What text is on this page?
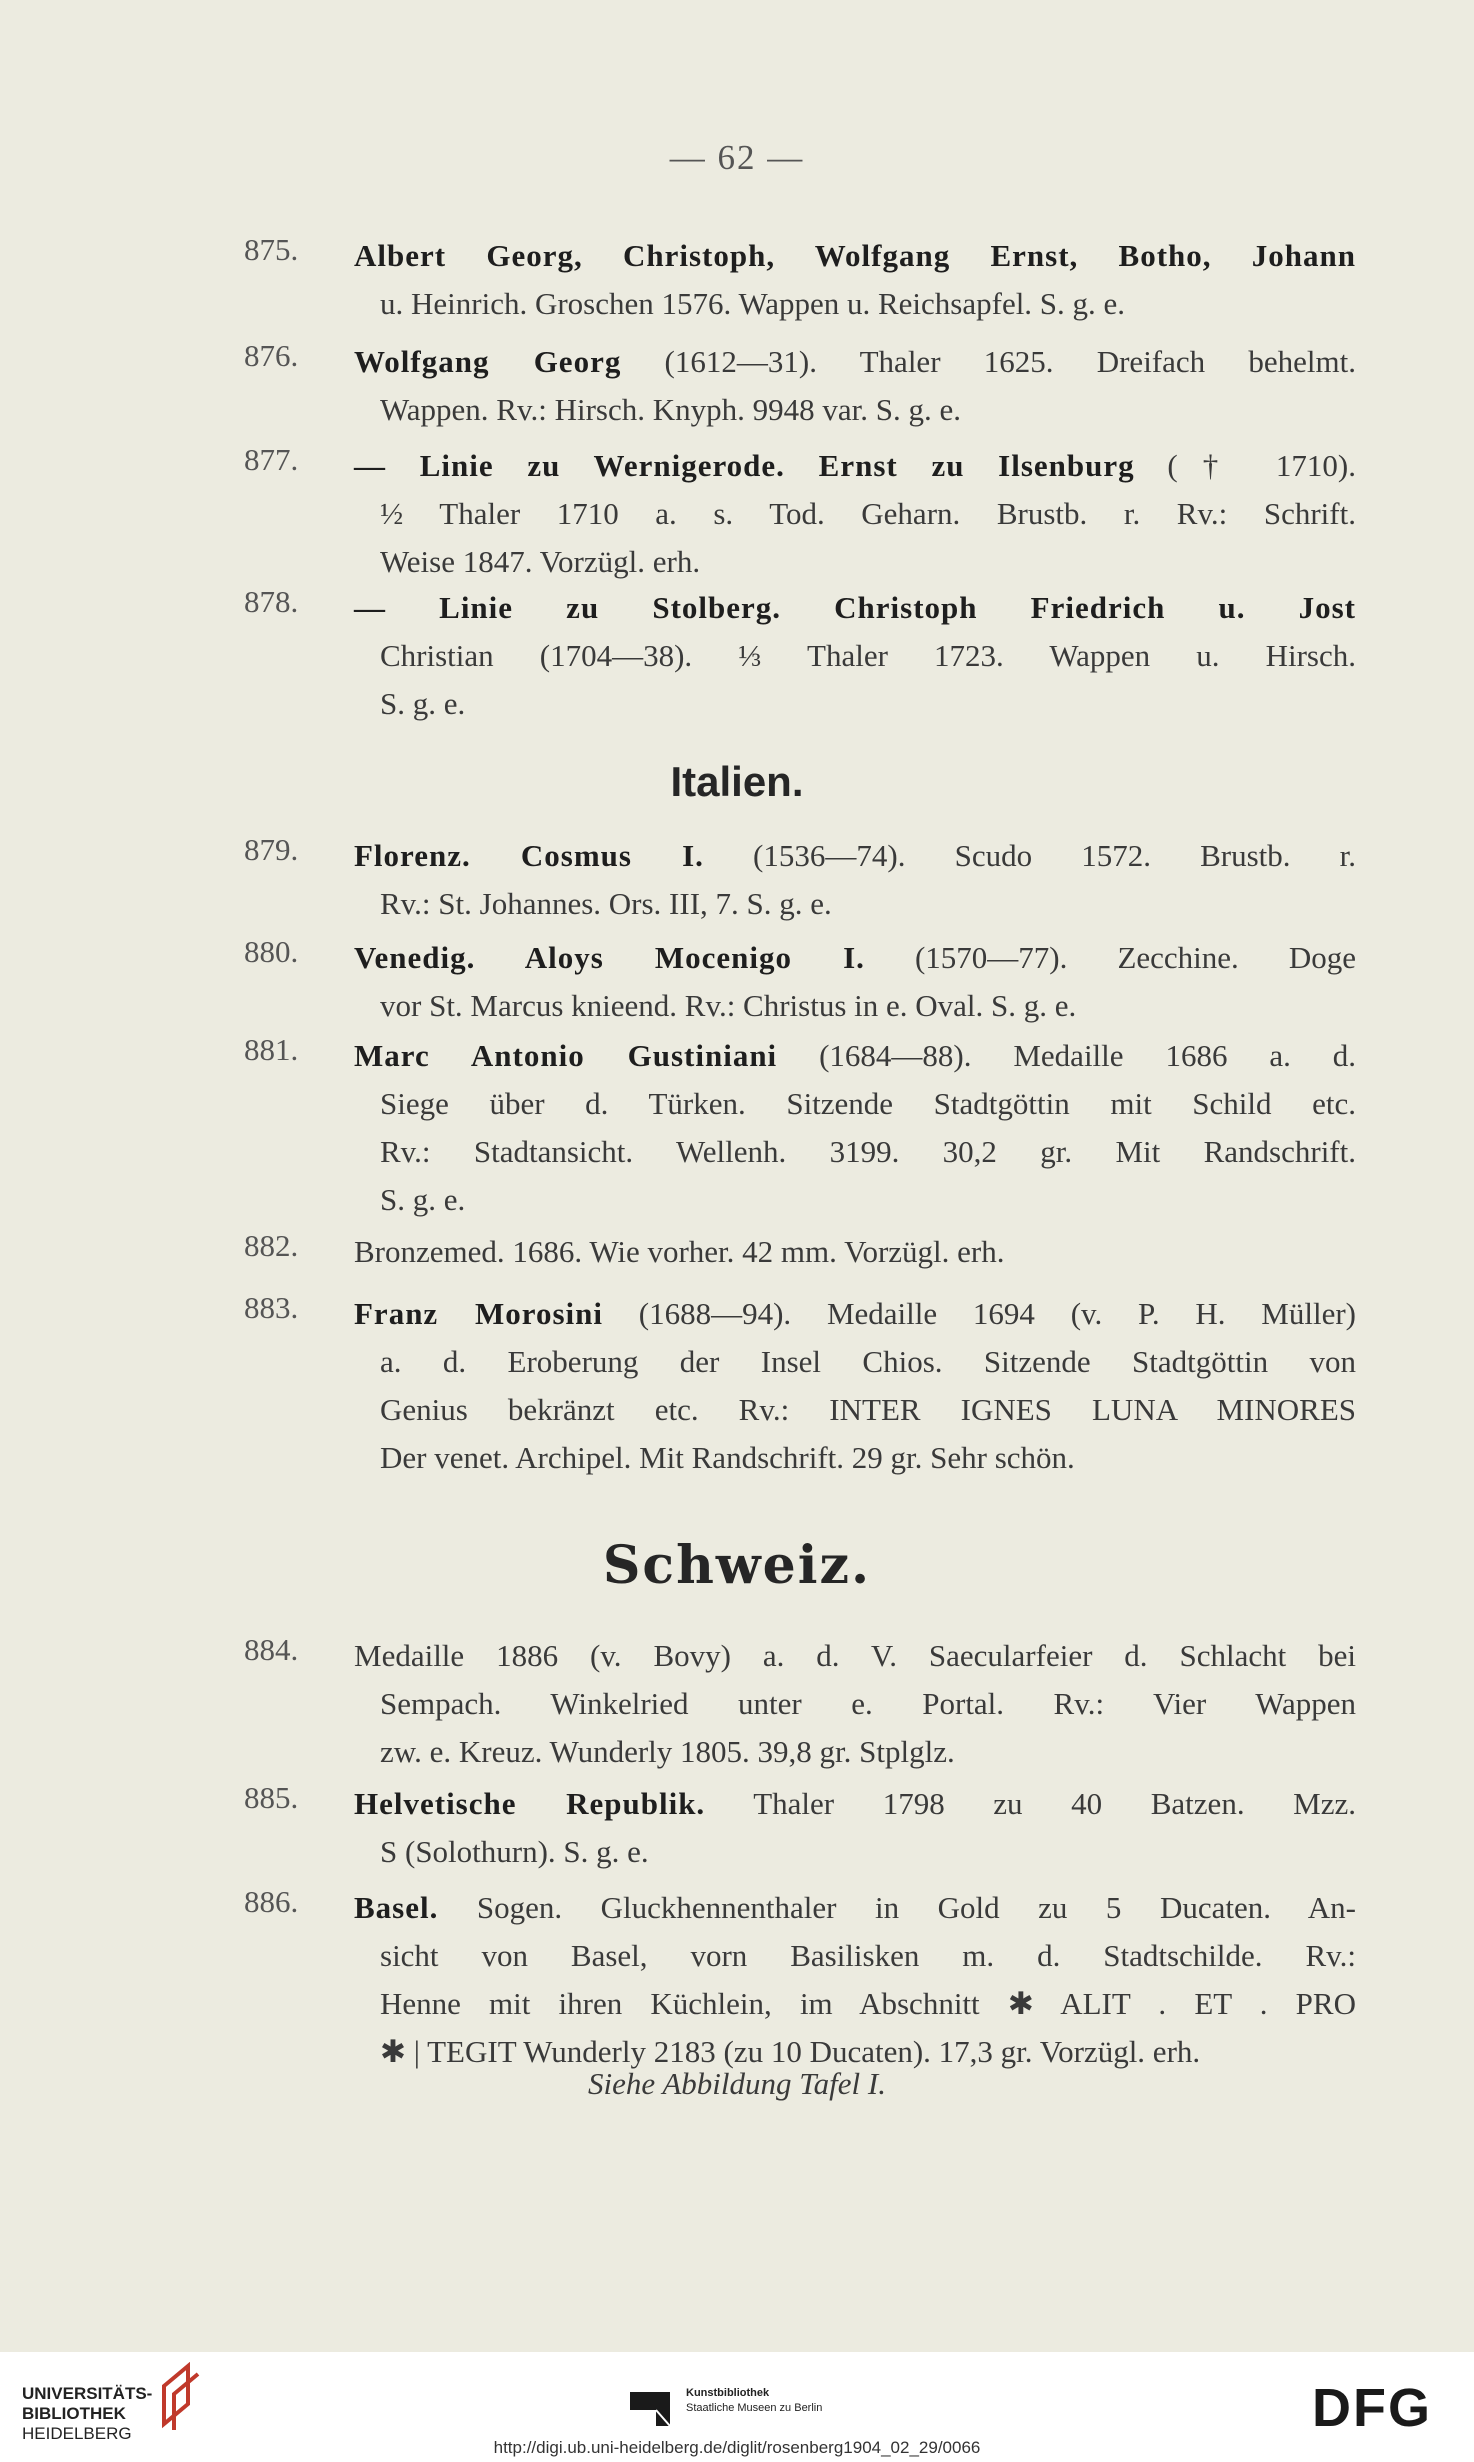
— 62 —
875.	Albert Georg, Christoph, Wolfgang Ernst, Botho, Johann
u. Heinrich. Groschen 1576. Wappen u. Reichsapfel. S. g. e.
876.	Wolfgang Georg (1612—31). Thaler 1625. Dreifach behelmt.
Wappen. Rv.: Hirsch. Knyph. 9948 var. S. g. e.
877.	— Linie zu Wernigerode. Ernst zu Ilsenburg († 1710).
½ Thaler 1710 a. s. Tod. Geharn. Brustb. r. Rv.: Schrift.
Weise 1847. Vorzügl. erh.
878.	— Linie zu Stolberg. Christoph Friedrich u. Jost
Christian (1704—38). ⅓ Thaler 1723. Wappen u. Hirsch.
S. g. e.
879.	Florenz. Cosmus I. (1536—74). Scudo 1572. Brustb. r.
Rv.: St. Johannes. Ors. III, 7. S. g. e.
880.	Venedig. Aloys Mocenigo I. (1570—77). Zecchine. Doge
vor St. Marcus knieend. Rv.: Christus in e. Oval. S. g. e.
881.	Marc Antonio Gustiniani (1684—88). Medaille 1686 a. d.
Siege über d. Türken. Sitzende Stadtgöttin mit Schild etc.
Rv.: Stadtansicht. Wellenh. 3199. 30,2 gr. Mit Randschrift.
S. g. e.
882.	Bronzemed. 1686. Wie vorher. 42 mm. Vorzügl. erh.
883.	Franz Morosini (1688—94). Medaille 1694 (v. P. H. Müller)
a. d. Eroberung der Insel Chios. Sitzende Stadtgöttin von
Genius bekränzt etc. Rv.: INTER IGNES LUNA MINORES
Der venet. Archipel. Mit Randschrift. 29 gr. Sehr schön.
884.	Medaille 1886 (v. Bovy) a. d. V. Saecularfeier d. Schlacht bei
Sempach. Winkelried unter e. Portal. Rv.: Vier Wappen
zw. e. Kreuz. Wunderly 1805. 39,8 gr. Stplglz.
885.	Helvetische Republik. Thaler 1798 zu 40 Batzen. Mzz.
S (Solothurn). S. g. e.
886.	Basel. Sogen. Gluckhennenthaler in Gold zu 5 Ducaten. An-
sicht von Basel, vorn Basilisken m. d. Stadtschilde. Rv.:
Henne mit ihren Küchlein, im Abschnitt ✱ ALIT . ET . PRO
✱ | TEGIT Wunderly 2183 (zu 10 Ducaten). 17,3 gr. Vorzügl. erh.
Italien.
Schweiz.
Siehe Abbildung Tafel I.
UNIVERSITÄTS-
BIBLIOTHEK
HEIDELBERG
Kunstbibliothek
Staatliche Museen zu Berlin	DFG
http://digi.ub.uni-heidelberg.de/diglit/rosenberg1904_02_29/0066
